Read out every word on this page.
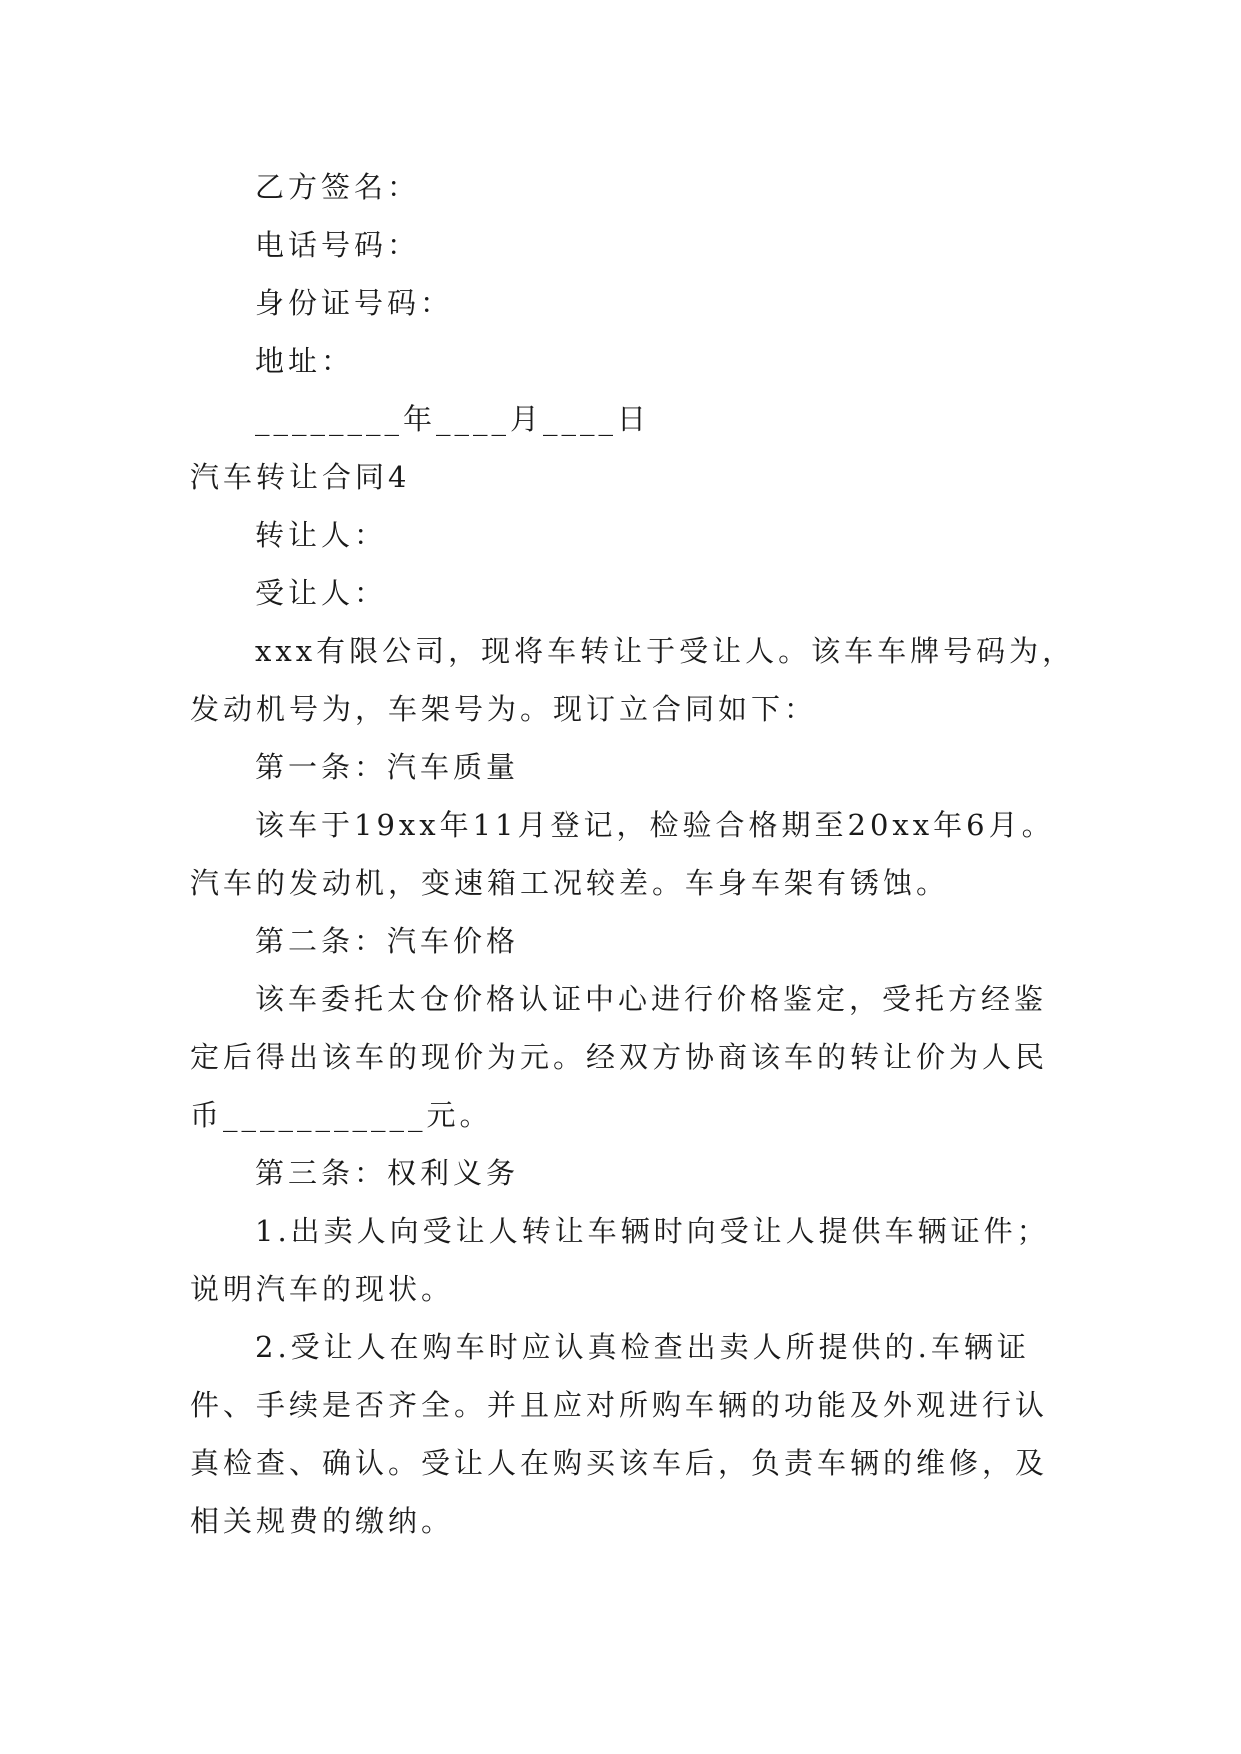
乙方签名：
电话号码：
身份证号码：
地址：
________年____月____日
汽车转让合同4
转让人：
受让人：
xxx有限公司，现将车转让于受让人。该车车牌号码为，
发动机号为，车架号为。现订立合同如下：
第一条：汽车质量
该车于19xx年11月登记，检验合格期至20xx年6月。
汽车的发动机，变速箱工况较差。车身车架有锈蚀。
第二条：汽车价格
该车委托太仓价格认证中心进行价格鉴定，受托方经鉴
定后得出该车的现价为元。经双方协商该车的转让价为人民
币___________元。
第三条：权利义务
1.出卖人向受让人转让车辆时向受让人提供车辆证件；
说明汽车的现状。
2.受让人在购车时应认真检查出卖人所提供的.车辆证
件、手续是否齐全。并且应对所购车辆的功能及外观进行认
真检查、确认。受让人在购买该车后，负责车辆的维修，及
相关规费的缴纳。
